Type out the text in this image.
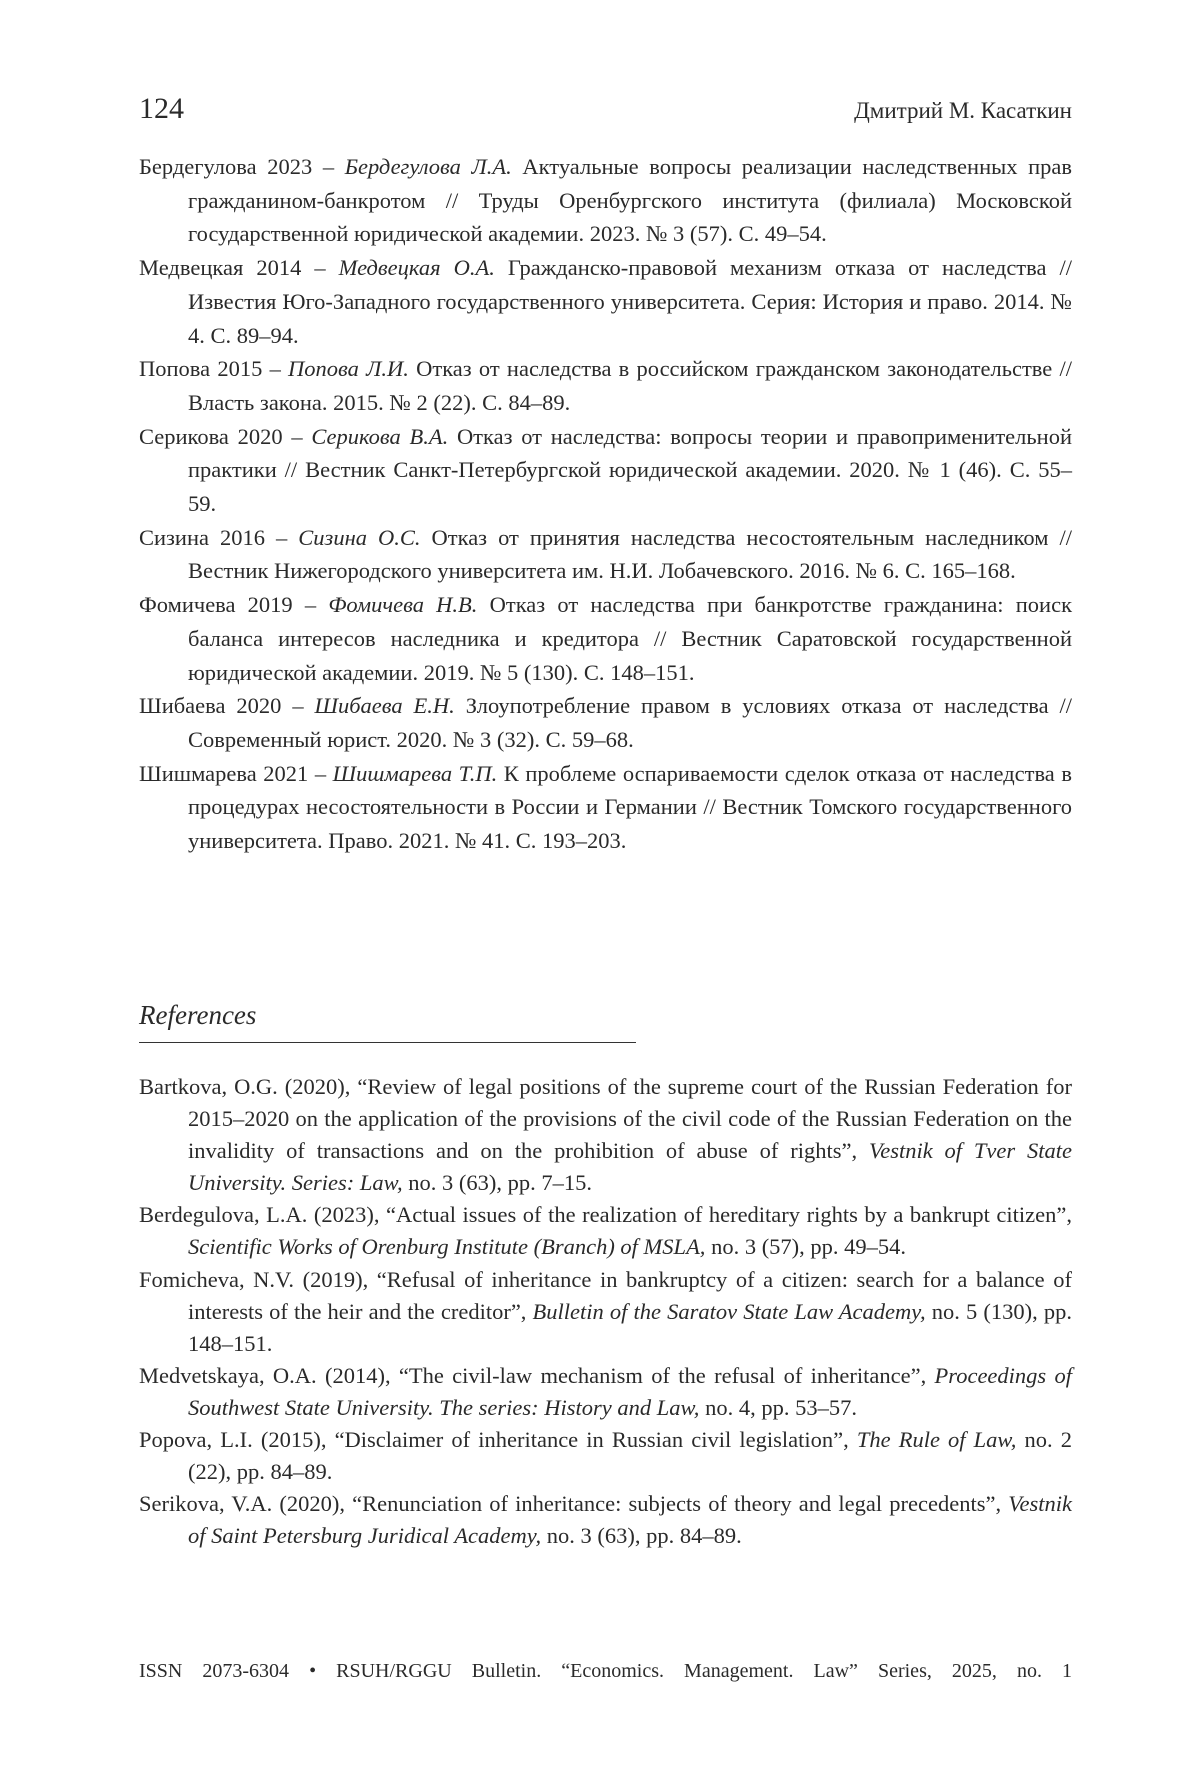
124	Дмитрий М. Касаткин

Бердегулова 2023 – Бердегулова Л.А. Актуальные вопросы реализации наследственных прав гражданином-банкротом // Труды Оренбургского института (филиала) Московской государственной юридической академии. 2023. № 3 (57). С. 49–54.

Медвецкая 2014 – Медвецкая О.А. Гражданско-правовой механизм отказа от наследства // Известия Юго-Западного государственного университета. Серия: История и право. 2014. № 4. С. 89–94.

Попова 2015 – Попова Л.И. Отказ от наследства в российском гражданском законодательстве // Власть закона. 2015. № 2 (22). С. 84–89.

Серикова 2020 – Серикова В.А. Отказ от наследства: вопросы теории и правоприменительной практики // Вестник Санкт-Петербургской юридической академии. 2020. № 1 (46). С. 55–59.

Сизина 2016 – Сизина О.С. Отказ от принятия наследства несостоятельным наследником // Вестник Нижегородского университета им. Н.И. Лобачевского. 2016. № 6. С. 165–168.

Фомичева 2019 – Фомичева Н.В. Отказ от наследства при банкротстве гражданина: поиск баланса интересов наследника и кредитора // Вестник Саратовской государственной юридической академии. 2019. № 5 (130). С. 148–151.

Шибаева 2020 – Шибаева Е.Н. Злоупотребление правом в условиях отказа от наследства // Современный юрист. 2020. № 3 (32). С. 59–68.

Шишмарева 2021 – Шишмарева Т.П. К проблеме оспариваемости сделок отказа от наследства в процедурах несостоятельности в России и Германии // Вестник Томского государственного университета. Право. 2021. № 41. С. 193–203.

References

Bartkova, O.G. (2020), “Review of legal positions of the supreme court of the Russian Federation for 2015–2020 on the application of the provisions of the civil code of the Russian Federation on the invalidity of transactions and on the prohibition of abuse of rights”, Vestnik of Tver State University. Series: Law, no. 3 (63), pp. 7–15.

Berdegulova, L.A. (2023), “Actual issues of the realization of hereditary rights by a bankrupt citizen”, Scientific Works of Orenburg Institute (Branch) of MSLA, no. 3 (57), pp. 49–54.

Fomicheva, N.V. (2019), “Refusal of inheritance in bankruptcy of a citizen: search for a balance of interests of the heir and the creditor”, Bulletin of the Saratov State Law Academy, no. 5 (130), pp. 148–151.

Medvetskaya, O.A. (2014), “The civil-law mechanism of the refusal of inheritance”, Proceedings of Southwest State University. The series: History and Law, no. 4, pp. 53–57.

Popova, L.I. (2015), “Disclaimer of inheritance in Russian civil legislation”, The Rule of Law, no. 2 (22), pp. 84–89.

Serikova, V.A. (2020), “Renunciation of inheritance: subjects of theory and legal precedents”, Vestnik of Saint Petersburg Juridical Academy, no. 3 (63), pp. 84–89.

ISSN 2073-6304 • RSUH/RGGU Bulletin. “Economics. Management. Law” Series, 2025, no. 1
